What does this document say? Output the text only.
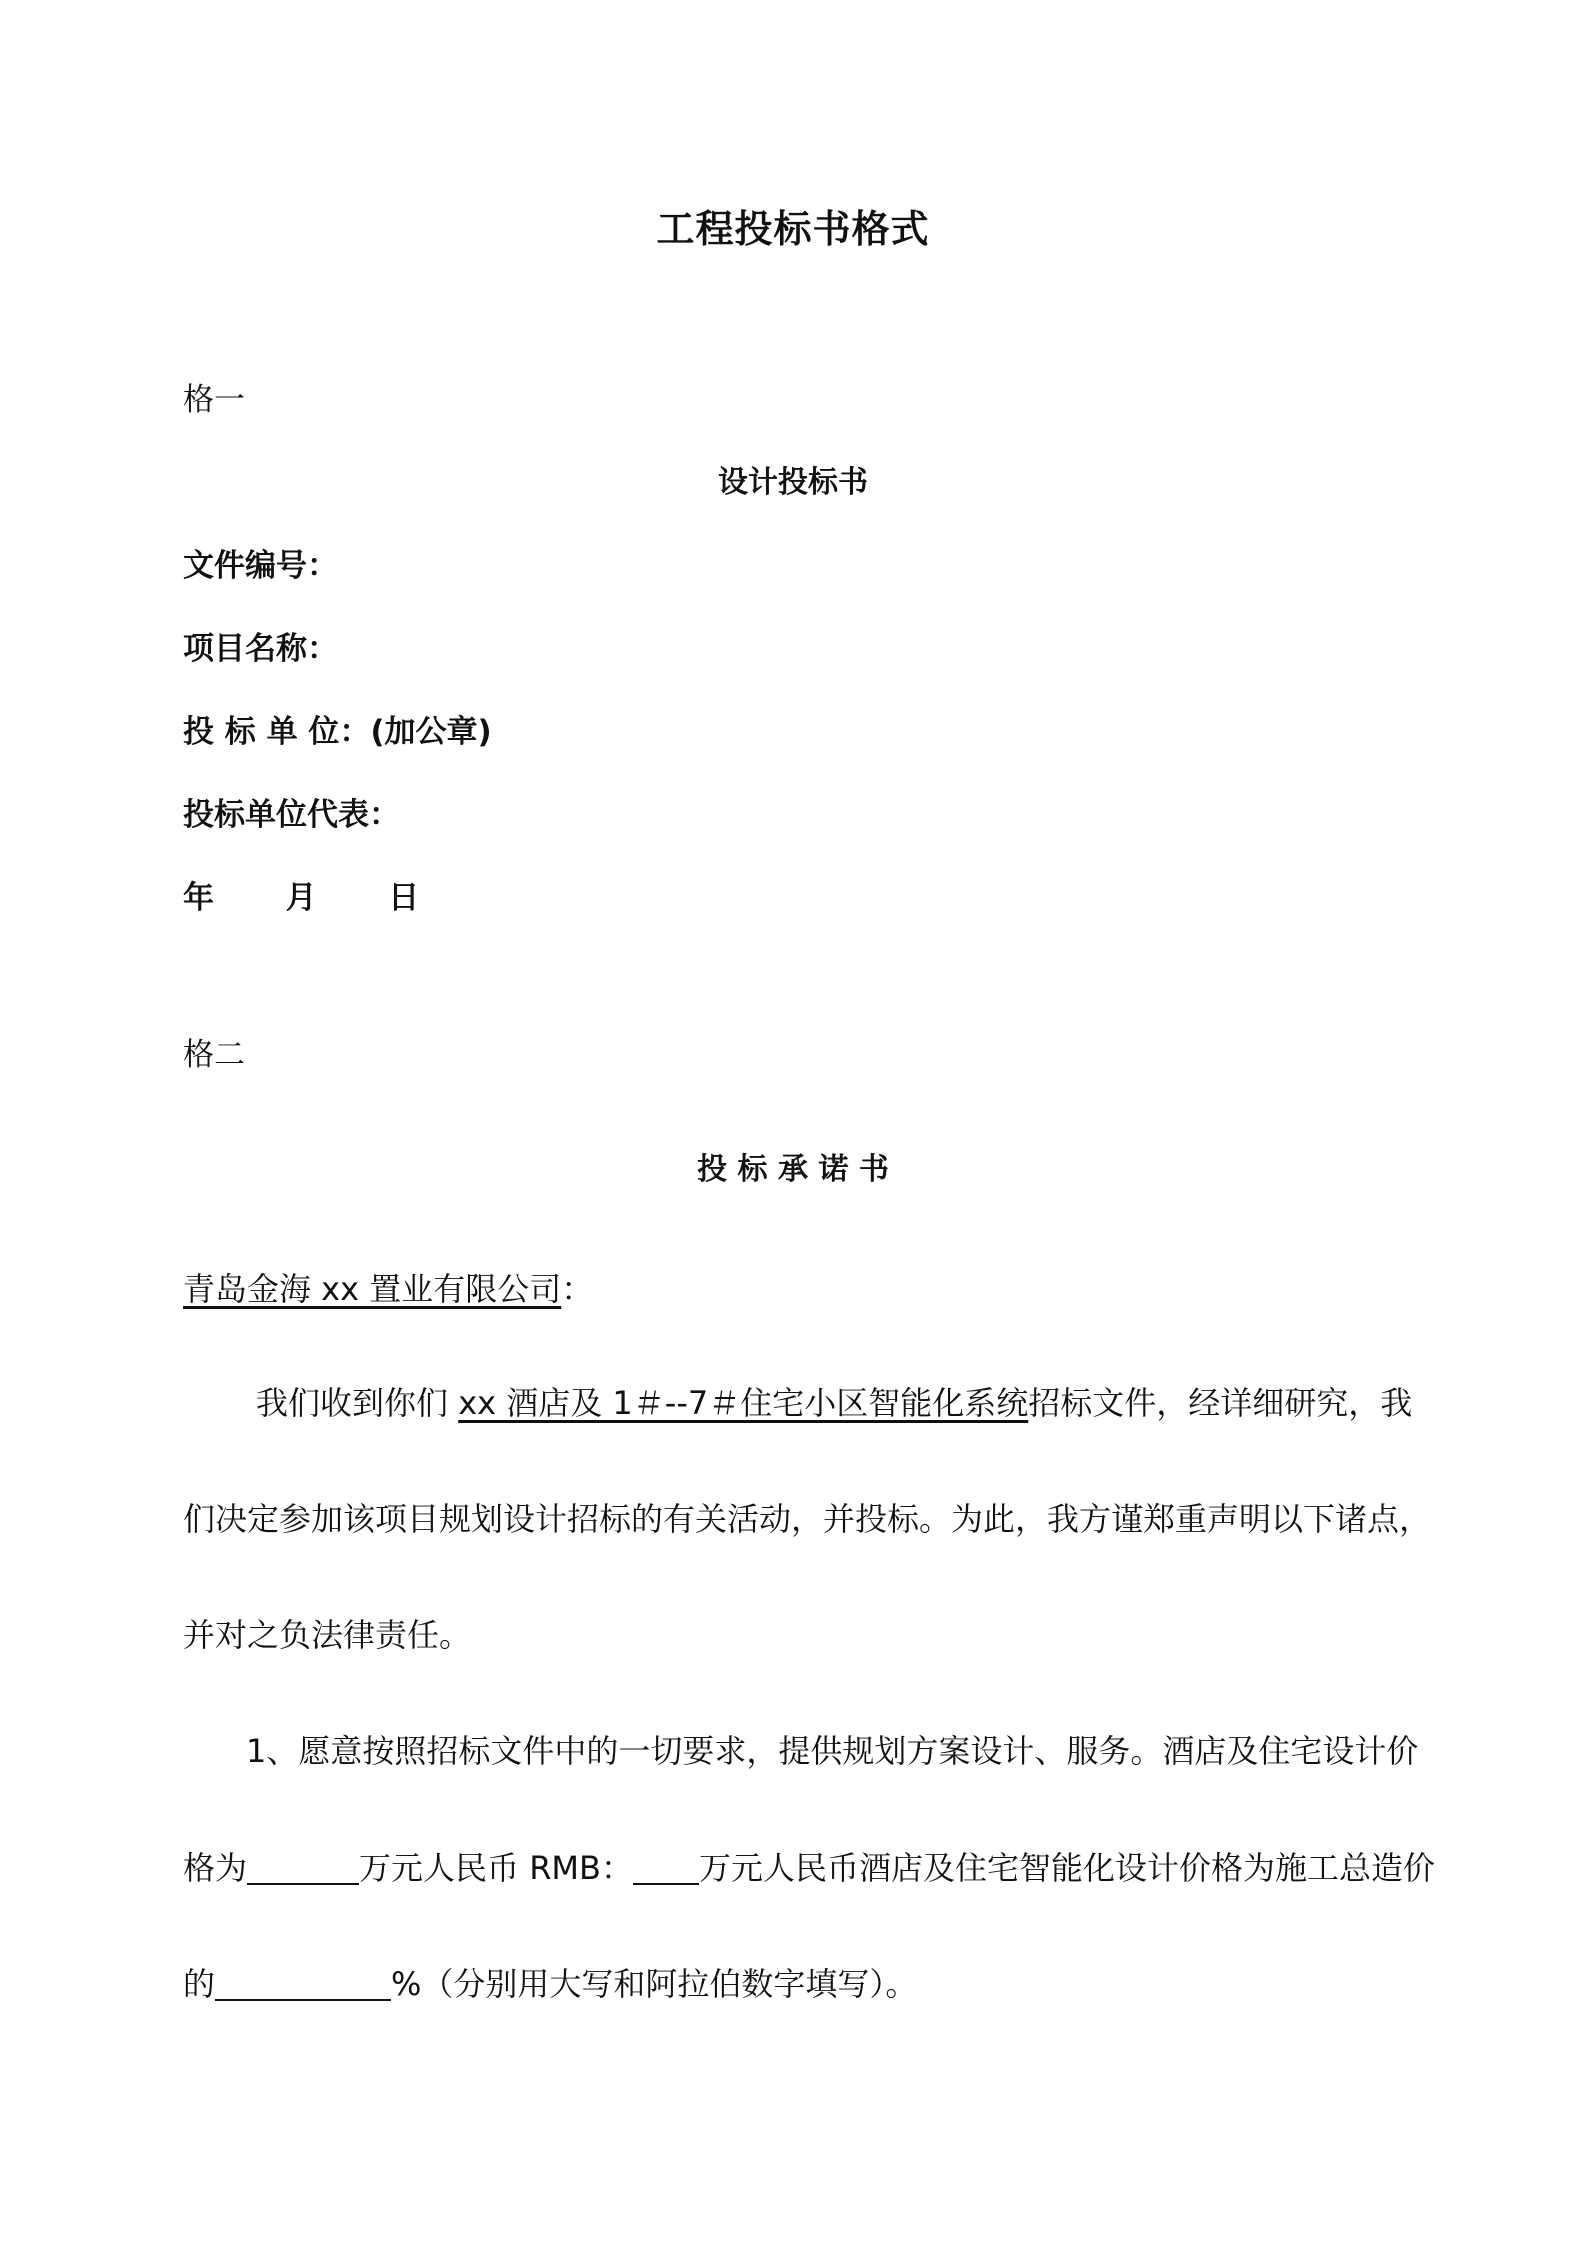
工程投标书格式
格一
设计投标书
文件编号：
项目名称：
投 标 单 位：(加公章)
投标单位代表：
年 月 日
格二
投 标 承 诺 书
青岛金海 xx 置业有限公司：
我们收到你们 xx 酒店及 1＃--7＃住宅小区智能化系统招标文件，经详细研究，我
们决定参加该项目规划设计招标的有关活动，并投标。为此，我方谨郑重声明以下诸点，
并对之负法律责任。
1、愿意按照招标文件中的一切要求，提供规划方案设计、服务。酒店及住宅设计价
格为	万元人民币 RMB： 万元人民币酒店及住宅智能化设计价格为施工总造价
的	%（分别用大写和阿拉伯数字填写）。
